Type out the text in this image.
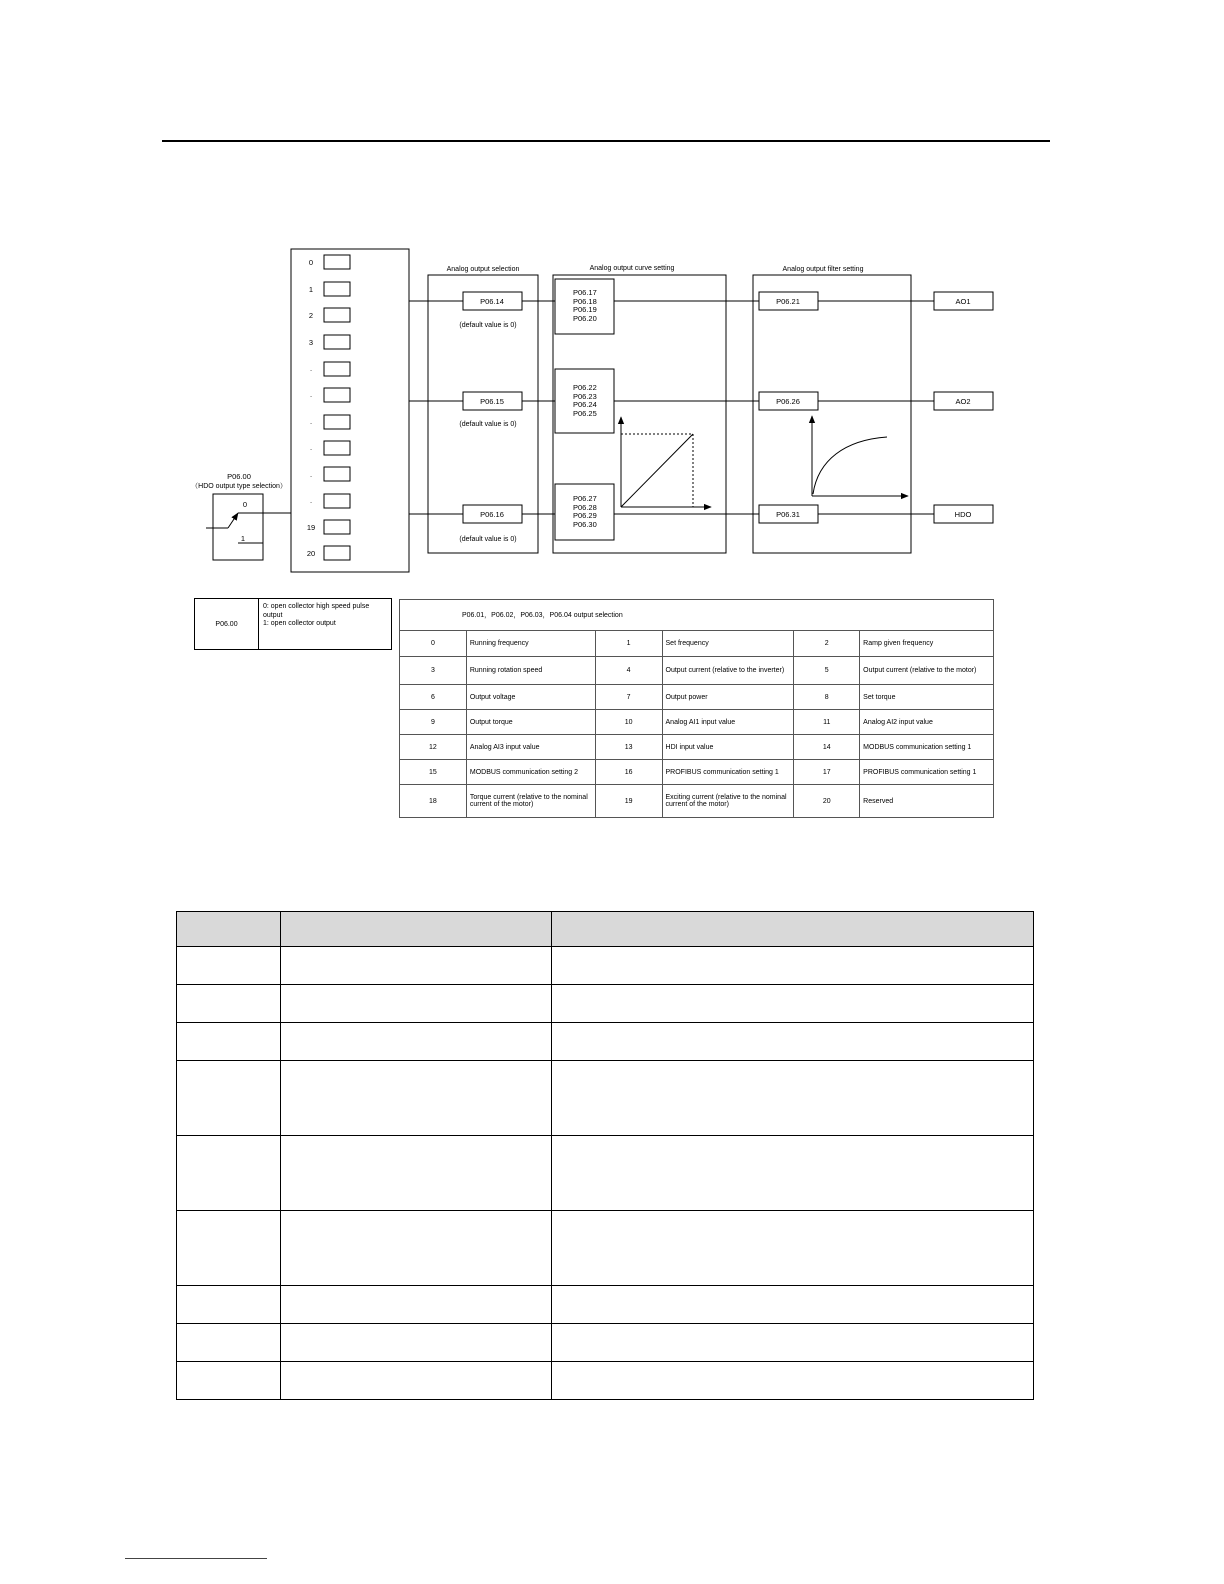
0
1
2
3
.
.
.
.
.
.
19
20
P06.00
（HDO output type selection）
0
1
Analog output selection	Analog output curve setting	Analog output filter setting
P06.14
P06.15
P06.16
(default value is 0)
(default value is 0)
(default value is 0)
P06.17
P06.18
P06.19
P06.20
P06.22
P06.23
P06.24
P06.25
P06.27
P06.28
P06.29
P06.30
P06.21
P06.26
P06.31
AO1
AO2
HDO
P06.00
0: open collector high speed pulse output
1: open collector output
P06.01，P06.02，P06.03，P06.04 output selection					
0	Running frequency	1	Set frequency	2	Ramp given frequency
3	Running rotation speed	4	Output current (relative to the inverter)	5	Output current (relative to the motor)
6	Output voltage	7	Output power	8	Set torque
9	Output torque	10	Analog AI1 input value	11	Analog AI2 input value
12	Analog AI3 input value	13	HDI input value	14	MODBUS communication setting 1
15	MODBUS communication setting 2	16	PROFIBUS communication setting 1	17	PROFIBUS communication setting 1
18	Torque current (relative to the nominal current of the motor)	19	Exciting current (relative to the nominal current of the motor)	20	Reserved
